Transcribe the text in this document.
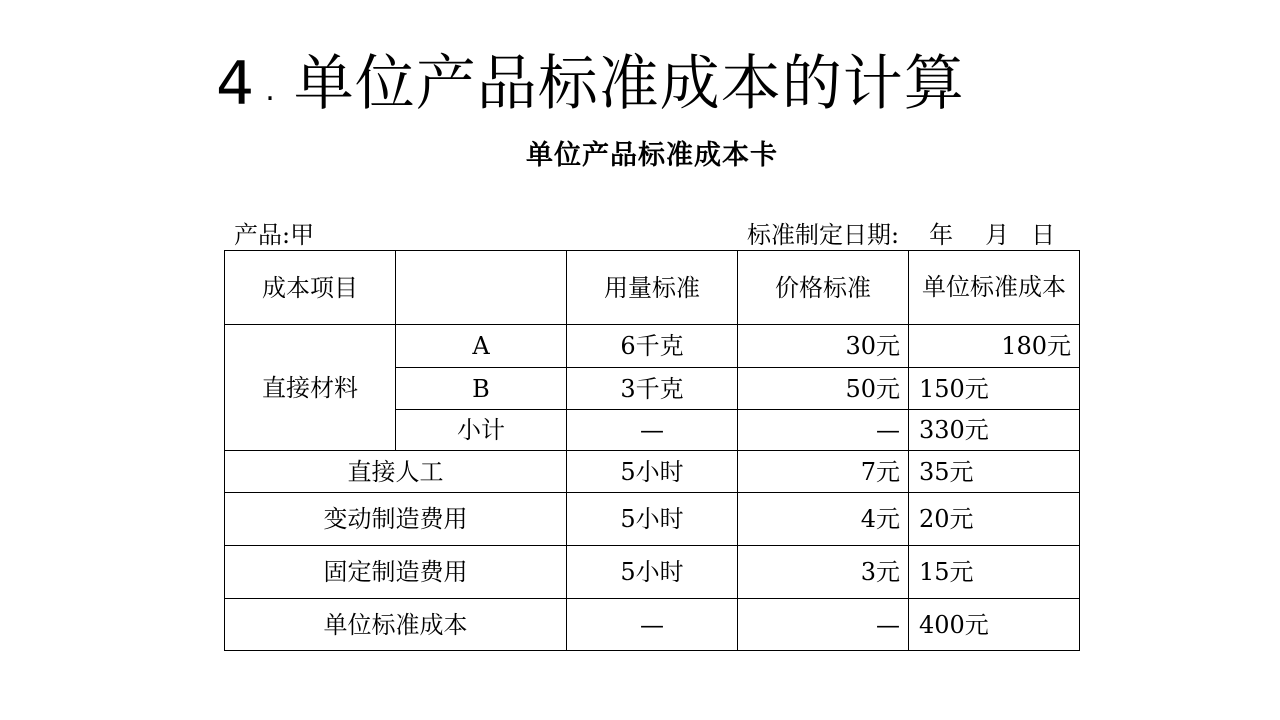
4 . 单位产品标准成本的计算
单位产品标准成本卡
产品:甲	标准制定日期: 年 月 日
成本项目		用量标准	价格标准	单位标准成本
直接材料	A	6千克	30元	180元
	B	3千克	50元	150元
	小计	—	—	330元
直接人工		5小时	7元	35元
变动制造费用		5小时	4元	20元
固定制造费用		5小时	3元	15元
单位标准成本		—	—	400元
